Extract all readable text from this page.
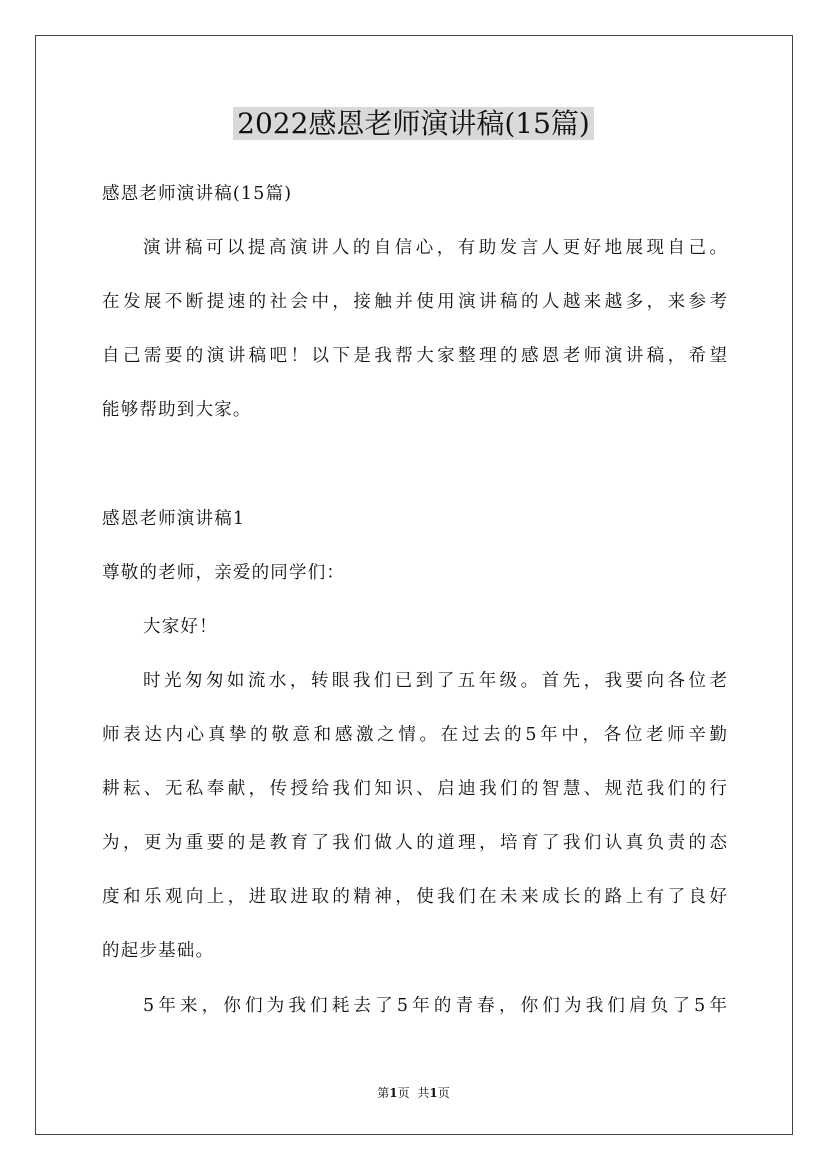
2022感恩老师演讲稿(15篇)

感恩老师演讲稿(15篇)

演讲稿可以提高演讲人的自信心，有助发言人更好地展现自己。

在发展不断提速的社会中，接触并使用演讲稿的人越来越多，来参考

自己需要的演讲稿吧！以下是我帮大家整理的感恩老师演讲稿，希望

能够帮助到大家。

感恩老师演讲稿1

尊敬的老师，亲爱的同学们：

大家好！

时光匆匆如流水，转眼我们已到了五年级。首先，我要向各位老

师表达内心真挚的敬意和感激之情。在过去的5年中，各位老师辛勤

耕耘、无私奉献，传授给我们知识、启迪我们的智慧、规范我们的行

为，更为重要的是教育了我们做人的道理，培育了我们认真负责的态

度和乐观向上，进取进取的精神，使我们在未来成长的路上有了良好

的起步基础。

5年来，你们为我们耗去了5年的青春，你们为我们肩负了5年

第1页 共1页
